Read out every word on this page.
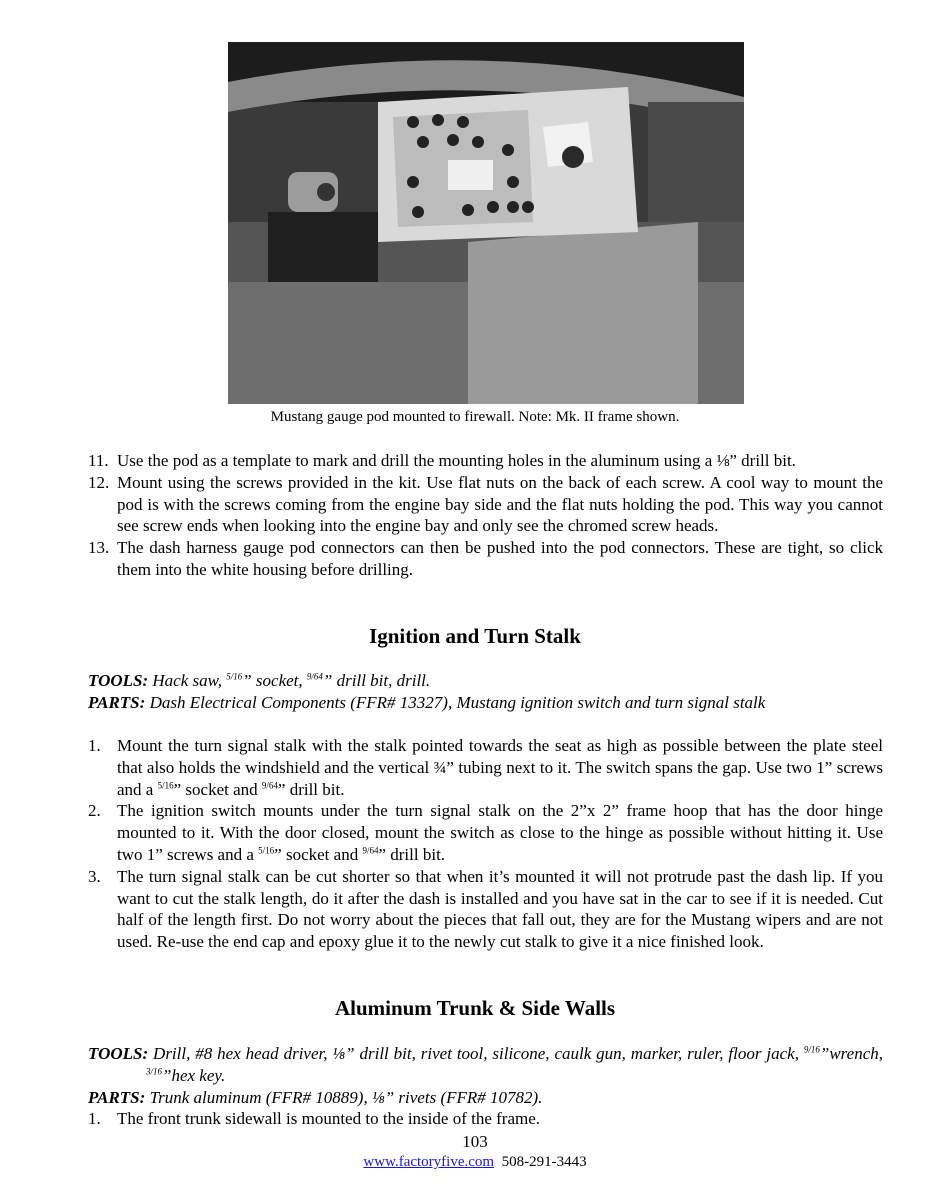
Mustang gauge pod mounted to firewall. Note: Mk. II frame shown.
11. Use the pod as a template to mark and drill the mounting holes in the aluminum using a ⅛” drill bit.
12. Mount using the screws provided in the kit. Use flat nuts on the back of each screw. A cool way to mount the pod is with the screws coming from the engine bay side and the flat nuts holding the pod. This way you cannot see screw ends when looking into the engine bay and only see the chromed screw heads.
13. The dash harness gauge pod connectors can then be pushed into the pod connectors. These are tight, so click them into the white housing before drilling.
Ignition and Turn Stalk
TOOLS: Hack saw, $^{5/16}$” socket, $^{9/64}$” drill bit, drill.
PARTS: Dash Electrical Components (FFR# 13327), Mustang ignition switch and turn signal stalk
1. Mount the turn signal stalk with the stalk pointed towards the seat as high as possible between the plate steel that also holds the windshield and the vertical ¾” tubing next to it. The switch spans the gap. Use two 1” screws and a $^{5/16}$” socket and $^{9/64}$” drill bit.
2. The ignition switch mounts under the turn signal stalk on the 2”x 2” frame hoop that has the door hinge mounted to it. With the door closed, mount the switch as close to the hinge as possible without hitting it. Use two 1” screws and a $^{5/16}$” socket and $^{9/64}$” drill bit.
3. The turn signal stalk can be cut shorter so that when it’s mounted it will not protrude past the dash lip. If you want to cut the stalk length, do it after the dash is installed and you have sat in the car to see if it is needed. Cut half of the length first. Do not worry about the pieces that fall out, they are for the Mustang wipers and are not used. Re-use the end cap and epoxy glue it to the newly cut stalk to give it a nice finished look.
Aluminum Trunk & Side Walls
TOOLS: Drill, #8 hex head driver, ⅛” drill bit, rivet tool, silicone, caulk gun, marker, ruler, floor jack, $^{9/16}$”wrench, $^{3/16}$”hex key.
PARTS: Trunk aluminum (FFR# 10889), ⅛” rivets (FFR# 10782).
1. The front trunk sidewall is mounted to the inside of the frame.
103
www.factoryfive.com 508-291-3443
